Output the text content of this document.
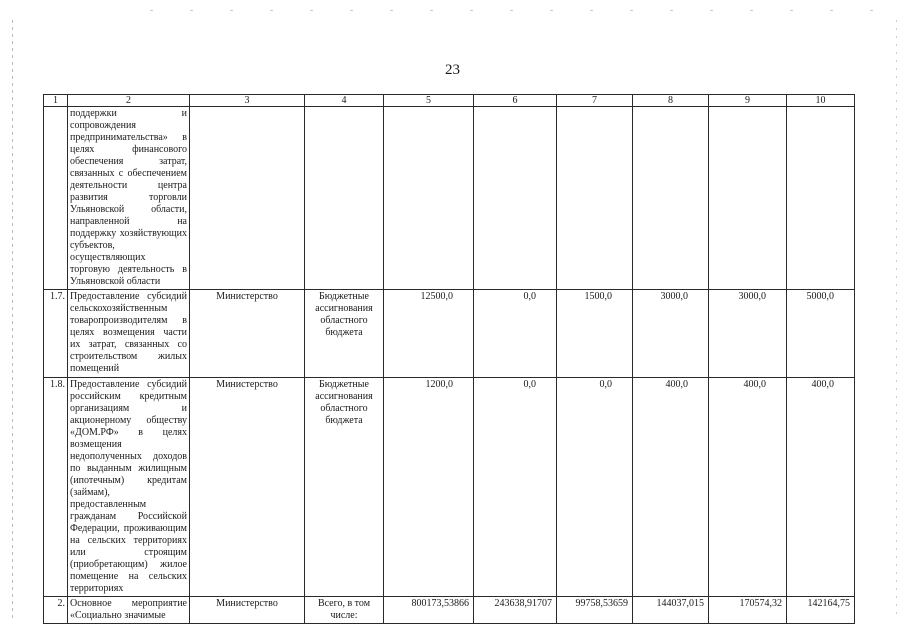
23
1	2	3	4	5	6	7	8	9	10
	поддержки и сопровождения предпринимательства» в целях финансового обеспечения затрат, связанных с обеспечением деятельности центра развития торговли Ульяновской области, направленной на поддержку хозяйствующих субъектов, осуществляющих торговую деятельность в Ульяновской области								
1.7.	Предоставление субсидий сельскохозяйственным товаропроизводителям в целях возмещения части их затрат, связанных со строительством жилых помещений	Министерство	Бюджетные ассигнования областного бюджета	12500,0	0,0	1500,0	3000,0	3000,0	5000,0
1.8.	Предоставление субсидий российским кредитным организациям и акционерному обществу «ДОМ.РФ» в целях возмещения недополученных доходов по выданным жилищным (ипотечным) кредитам (займам), предоставленным гражданам Российской Федерации, проживающим на сельских территориях или строящим (приобретающим) жилое помещение на сельских территориях	Министерство	Бюджетные ассигнования областного бюджета	1200,0	0,0	0,0	400,0	400,0	400,0
2.	Основное мероприятие «Социально значимые	Министерство	Всего, в том числе:	800173,53866	243638,91707	99758,53659	144037,015	170574,32	142164,75
